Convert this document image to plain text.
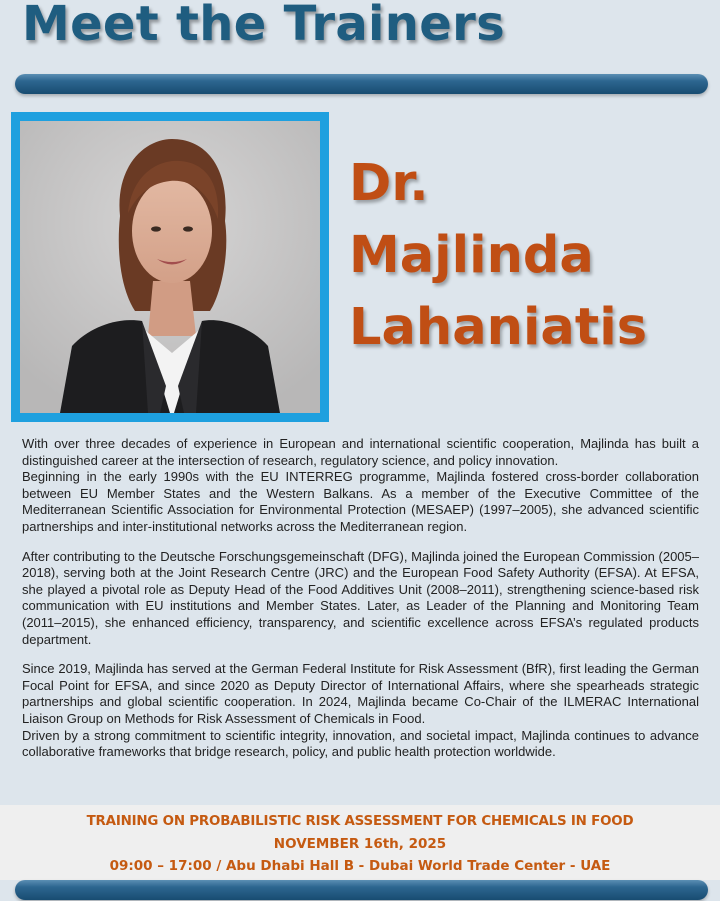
Meet the Trainers
Dr.
Majlinda
Lahaniatis

With over three decades of experience in European and international scientific cooperation, Majlinda has built a distinguished career at the intersection of research, regulatory science, and policy innovation.

Beginning in the early 1990s with the EU INTERREG programme, Majlinda fostered cross-border collaboration between EU Member States and the Western Balkans. As a member of the Executive Committee of the Mediterranean Scientific Association for Environmental Protection (MESAEP) (1997–2005), she advanced scientific partnerships and inter-institutional networks across the Mediterranean region.

After contributing to the Deutsche Forschungsgemeinschaft (DFG), Majlinda joined the European Commission (2005–2018), serving both at the Joint Research Centre (JRC) and the European Food Safety Authority (EFSA). At EFSA, she played a pivotal role as Deputy Head of the Food Additives Unit (2008–2011), strengthening science-based risk communication with EU institutions and Member States. Later, as Leader of the Planning and Monitoring Team (2011–2015), she enhanced efficiency, transparency, and scientific excellence across EFSA’s regulated products department.

Since 2019, Majlinda has served at the German Federal Institute for Risk Assessment (BfR), first leading the German Focal Point for EFSA, and since 2020 as Deputy Director of International Affairs, where she spearheads strategic partnerships and global scientific cooperation. In 2024, Majlinda became Co-Chair of the ILMERAC International Liaison Group on Methods for Risk Assessment of Chemicals in Food.

Driven by a strong commitment to scientific integrity, innovation, and societal impact, Majlinda continues to advance collaborative frameworks that bridge research, policy, and public health protection worldwide.

TRAINING ON PROBABILISTIC RISK ASSESSMENT FOR CHEMICALS IN FOOD
NOVEMBER 16th, 2025
09:00 – 17:00 / Abu Dhabi Hall B - Dubai World Trade Center - UAE
